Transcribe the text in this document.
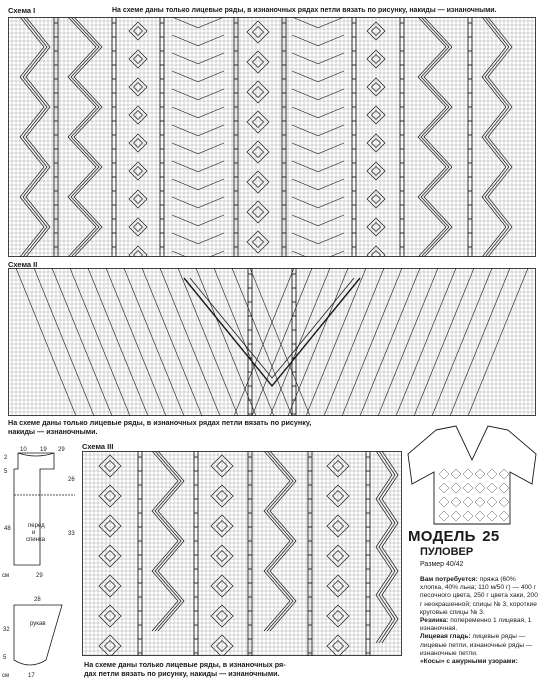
Схема I	На схеме даны только лицевые ряды, в изнаночных рядах петли вязать по рисунку, накиды — изнаночными.
Схема II
На схеме даны только лицевые ряды, в изнаночных рядах петли вязать по рисунку,
накиды — изнаночными.
10 19 29
2
5
48
26
33
перед
и
спинка
29
см
28
32
5
рукав
17
см
Схема III
На схеме даны только лицевые ряды, в изнаночных ря-
дах петли вязать по рисунку, накиды — изнаночными.
МОДЕЛЬ 25
ПУЛОВЕР
Размер 40/42
Вам потребуется: пряжа (60% хлопка, 40% льна; 110 м/50 г) — 400 г песочного цвета, 250 г цвета хаки, 200 г неокрашенной; спицы № 3, короткие круговые спицы № 3.
Резинка: попеременно 1 лицевая, 1 изнаночная.
Лицевая гладь: лицевые ряды — лицевые петли, изнаночные ряды — изнаночные петли.
«Косы» с ажурными узорами:
